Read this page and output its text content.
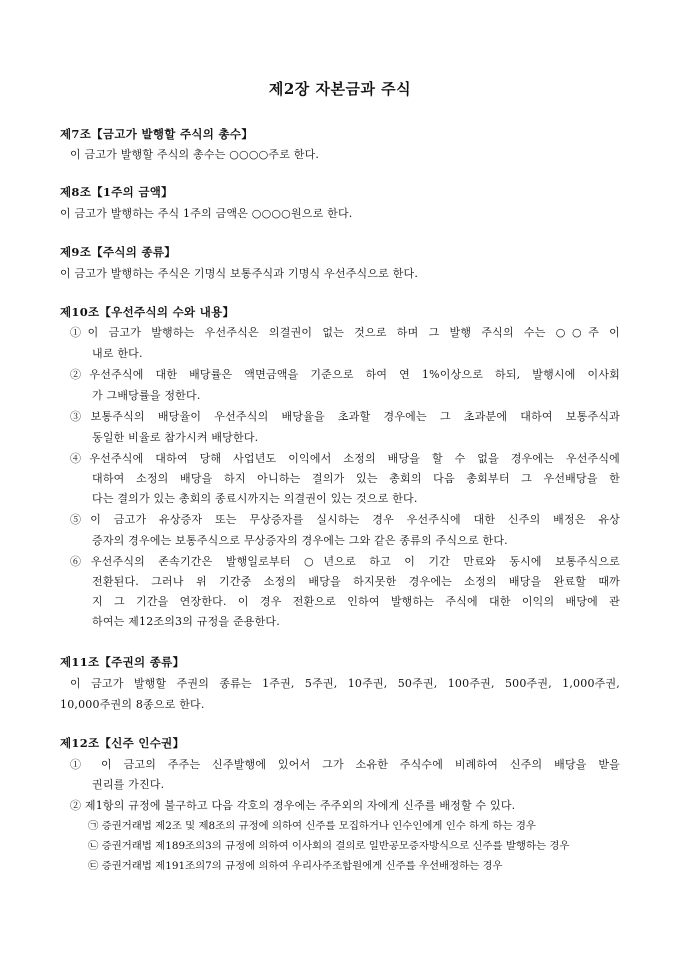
제2장 자본금과 주식
제7조【금고가 발행할 주식의 총수】
이 금고가 발행할 주식의 총수는 ○○○○주로 한다.
제8조【1주의 금액】
이 금고가 발행하는 주식 1주의 금액은 ○○○○원으로 한다.
제9조【주식의 종류】
이 금고가 발행하는 주식은 기명식 보통주식과 기명식 우선주식으로 한다.
제10조【우선주식의 수와 내용】
①이 금고가 발행하는 우선주식은 의결권이 없는 것으로 하며 그 발행 주식의 수는 ○○주 이
내로 한다.
②우선주식에 대한 배당률은 액면금액을 기준으로 하여 연 1%이상으로 하되, 발행시에 이사회
가 그배당률을 정한다.
③보통주식의 배당율이 우선주식의 배당율을 초과할 경우에는 그 초과분에 대하여 보통주식과
동일한 비율로 참가시켜 배당한다.
④우선주식에 대하여 당해 사업년도 이익에서 소정의 배당을 할 수 없을 경우에는 우선주식에
대하여 소정의 배당을 하지 아니하는 결의가 있는 총회의 다음 총회부터 그 우선배당을 한
다는 결의가 있는 총회의 종료시까지는 의결권이 있는 것으로 한다.
⑤이 금고가 유상증자 또는 무상증자를 실시하는 경우 우선주식에 대한 신주의 배정은 유상
증자의 경우에는 보통주식으로 무상증자의 경우에는 그와 같은 종류의 주식으로 한다.
⑥우선주식의 존속기간은 발행일로부터 ○년으로 하고 이 기간 만료와 동시에 보통주식으로
전환된다. 그러나 위 기간중 소정의 배당을 하지못한 경우에는 소정의 배당을 완료할 때까
지 그 기간을 연장한다. 이 경우 전환으로 인하여 발행하는 주식에 대한 이익의 배당에 관
하여는 제12조의3의 규정을 준용한다.
제11조【주권의 종류】
이 금고가 발행할 주권의 종류는 1주권, 5주권, 10주권, 50주권, 100주권, 500주권, 1,000주권,
10,000주권의 8종으로 한다.
제12조【신주 인수권】
① 이 금고의 주주는 신주발행에 있어서 그가 소유한 주식수에 비례하여 신주의 배당을 받을
권리를 가진다.
② 제1항의 규정에 불구하고 다음 각호의 경우에는 주주외의 자에게 신주를 배정할 수 있다.
㉠ 증권거래법 제2조 및 제8조의 규정에 의하여 신주를 모집하거나 인수인에게 인수 하게 하는 경우
㉡ 증권거래법 제189조의3의 규정에 의하여 이사회의 결의로 일반공모증자방식으로 신주를 발행하는 경우
㉢ 증권거래법 제191조의7의 규정에 의하여 우리사주조합원에게 신주를 우선배정하는 경우
